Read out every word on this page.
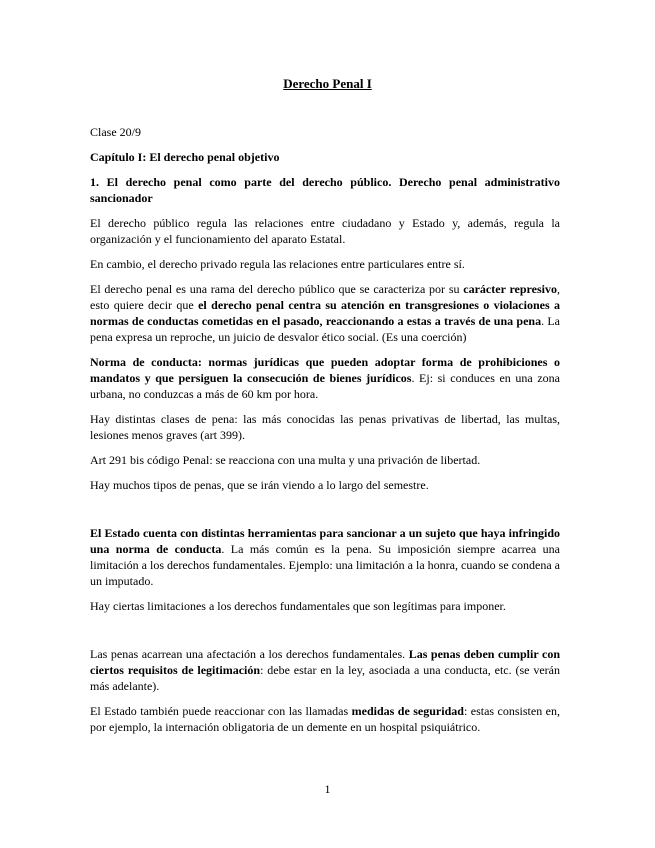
Derecho Penal I

Clase 20/9

Capítulo I: El derecho penal objetivo

1. El derecho penal como parte del derecho público. Derecho penal administrativo sancionador

El derecho público regula las relaciones entre ciudadano y Estado y, además, regula la organización y el funcionamiento del aparato Estatal.

En cambio, el derecho privado regula las relaciones entre particulares entre sí.

El derecho penal es una rama del derecho público que se caracteriza por su carácter represivo, esto quiere decir que el derecho penal centra su atención en transgresiones o violaciones a normas de conductas cometidas en el pasado, reaccionando a estas a través de una pena. La pena expresa un reproche, un juicio de desvalor ético social. (Es una coerción)

Norma de conducta: normas jurídicas que pueden adoptar forma de prohibiciones o mandatos y que persiguen la consecución de bienes jurídicos. Ej: si conduces en una zona urbana, no conduzcas a más de 60 km por hora.

Hay distintas clases de pena: las más conocidas las penas privativas de libertad, las multas, lesiones menos graves (art 399).

Art 291 bis código Penal: se reacciona con una multa y una privación de libertad.

Hay muchos tipos de penas, que se irán viendo a lo largo del semestre.

El Estado cuenta con distintas herramientas para sancionar a un sujeto que haya infringido una norma de conducta. La más común es la pena. Su imposición siempre acarrea una limitación a los derechos fundamentales. Ejemplo: una limitación a la honra, cuando se condena a un imputado.

Hay ciertas limitaciones a los derechos fundamentales que son legítimas para imponer.

Las penas acarrean una afectación a los derechos fundamentales. Las penas deben cumplir con ciertos requisitos de legitimación: debe estar en la ley, asociada a una conducta, etc. (se verán más adelante).

El Estado también puede reaccionar con las llamadas medidas de seguridad: estas consisten en, por ejemplo, la internación obligatoria de un demente en un hospital psiquiátrico.

1
